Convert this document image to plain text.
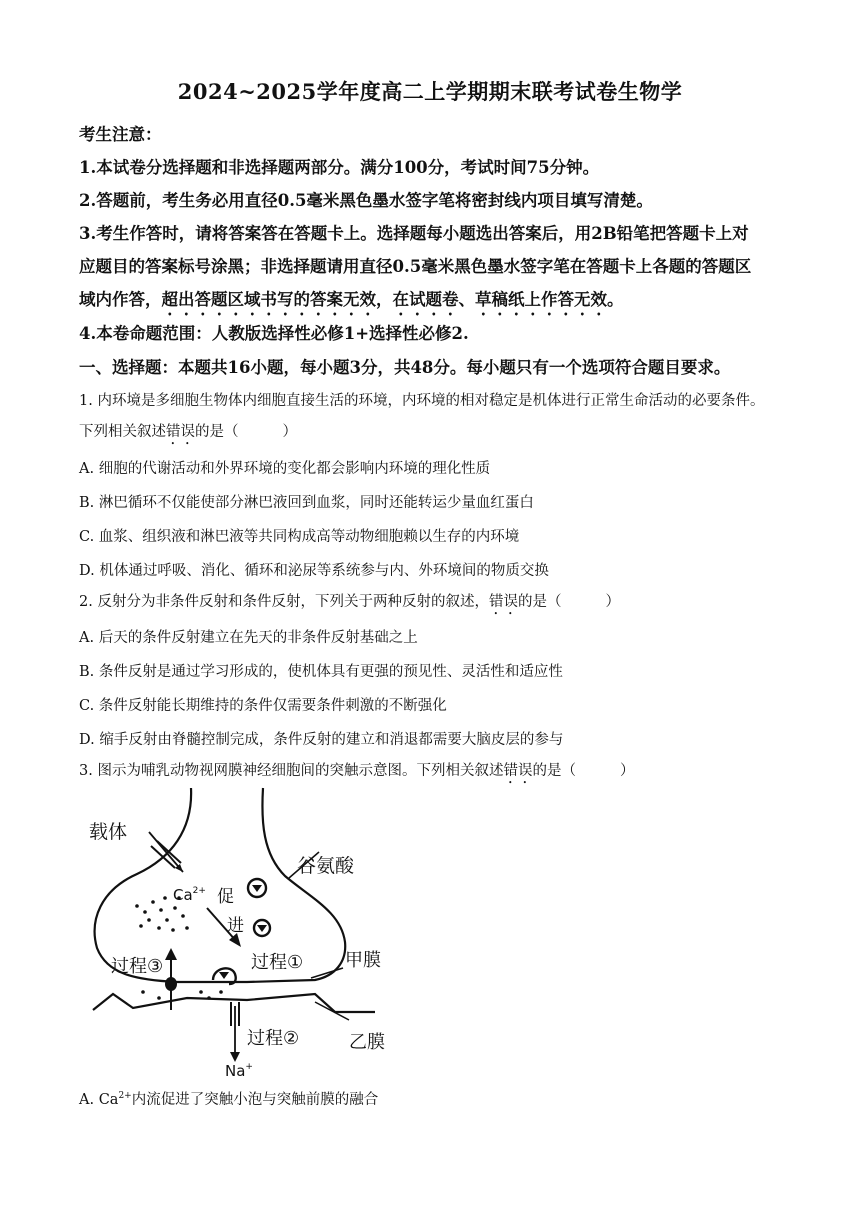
2024~2025学年度高二上学期期末联考试卷生物学
考生注意：
1.本试卷分选择题和非选择题两部分。满分100分，考试时间75分钟。
2.答题前，考生务必用直径0.5毫米黑色墨水签字笔将密封线内项目填写清楚。
3.考生作答时，请将答案答在答题卡上。选择题每小题选出答案后，用2B铅笔把答题卡上对
应题目的答案标号涂黑；非选择题请用直径0.5毫米黑色墨水签字笔在答题卡上各题的答题区
域内作答，超出答题区域书写的答案无效，在试题卷、草稿纸上作答无效。
4.本卷命题范围：人教版选择性必修1+选择性必修2.
一、选择题：本题共16小题，每小题3分，共48分。每小题只有一个选项符合题目要求。
1. 内环境是多细胞生物体内细胞直接生活的环境，内环境的相对稳定是机体进行正常生命活动的必要条件。
下列相关叙述错误的是（	）
A. 细胞的代谢活动和外界环境的变化都会影响内环境的理化性质
B. 淋巴循环不仅能使部分淋巴液回到血浆，同时还能转运少量血红蛋白
C. 血浆、组织液和淋巴液等共同构成高等动物细胞赖以生存的内环境
D. 机体通过呼吸、消化、循环和泌尿等系统参与内、外环境间的物质交换
2. 反射分为非条件反射和条件反射，下列关于两种反射的叙述，错误的是（	）
A. 后天的条件反射建立在先天的非条件反射基础之上
B. 条件反射是通过学习形成的，使机体具有更强的预见性、灵活性和适应性
C. 条件反射能长期维持的条件仅需要条件刺激的不断强化
D. 缩手反射由脊髓控制完成，条件反射的建立和消退都需要大脑皮层的参与
3. 图示为哺乳动物视网膜神经细胞间的突触示意图。下列相关叙述错误的是（	）
载体
$Ca^{2+}$ 促
进
谷氨酸
过程①
过程③	甲膜
过程②	乙膜
Na+
A. $Ca^{2+}$内流促进了突触小泡与突触前膜的融合
